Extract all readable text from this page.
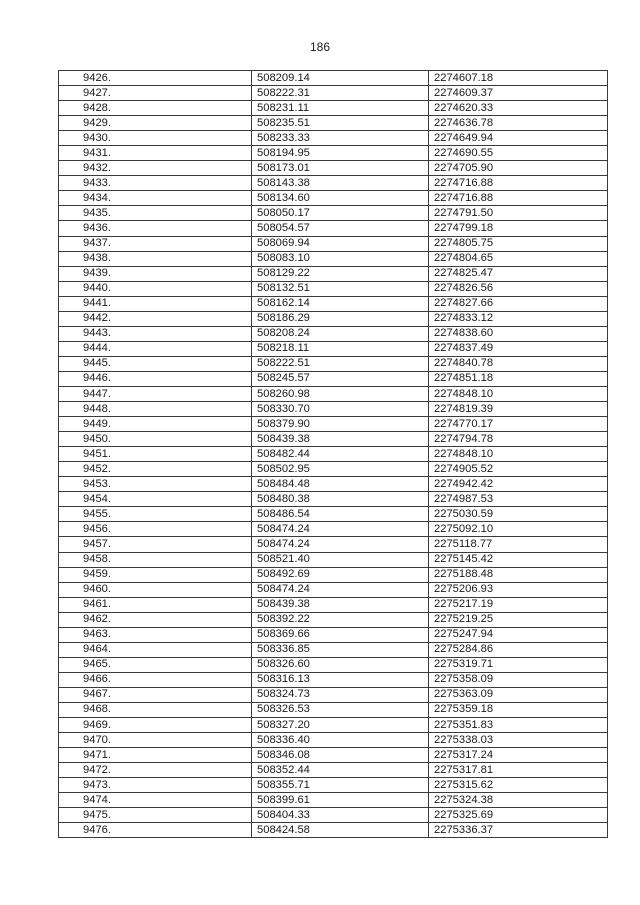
186
9426.	508209.14	2274607.18
9427.	508222.31	2274609.37
9428.	508231.11	2274620.33
9429.	508235.51	2274636.78
9430.	508233.33	2274649.94
9431.	508194.95	2274690.55
9432.	508173.01	2274705.90
9433.	508143.38	2274716.88
9434.	508134.60	2274716.88
9435.	508050.17	2274791.50
9436.	508054.57	2274799.18
9437.	508069.94	2274805.75
9438.	508083.10	2274804.65
9439.	508129.22	2274825.47
9440.	508132.51	2274826.56
9441.	508162.14	2274827.66
9442.	508186.29	2274833.12
9443.	508208.24	2274838.60
9444.	508218.11	2274837.49
9445.	508222.51	2274840.78
9446.	508245.57	2274851.18
9447.	508260.98	2274848.10
9448.	508330.70	2274819.39
9449.	508379.90	2274770.17
9450.	508439.38	2274794.78
9451.	508482.44	2274848.10
9452.	508502.95	2274905.52
9453.	508484.48	2274942.42
9454.	508480.38	2274987.53
9455.	508486.54	2275030.59
9456.	508474.24	2275092.10
9457.	508474.24	2275118.77
9458.	508521.40	2275145.42
9459.	508492.69	2275188.48
9460.	508474.24	2275206.93
9461.	508439.38	2275217.19
9462.	508392.22	2275219.25
9463.	508369.66	2275247.94
9464.	508336.85	2275284.86
9465.	508326.60	2275319.71
9466.	508316.13	2275358.09
9467.	508324.73	2275363.09
9468.	508326.53	2275359.18
9469.	508327.20	2275351.83
9470.	508336.40	2275338.03
9471.	508346.08	2275317.24
9472.	508352.44	2275317.81
9473.	508355.71	2275315.62
9474.	508399.61	2275324.38
9475.	508404.33	2275325.69
9476.	508424.58	2275336.37
